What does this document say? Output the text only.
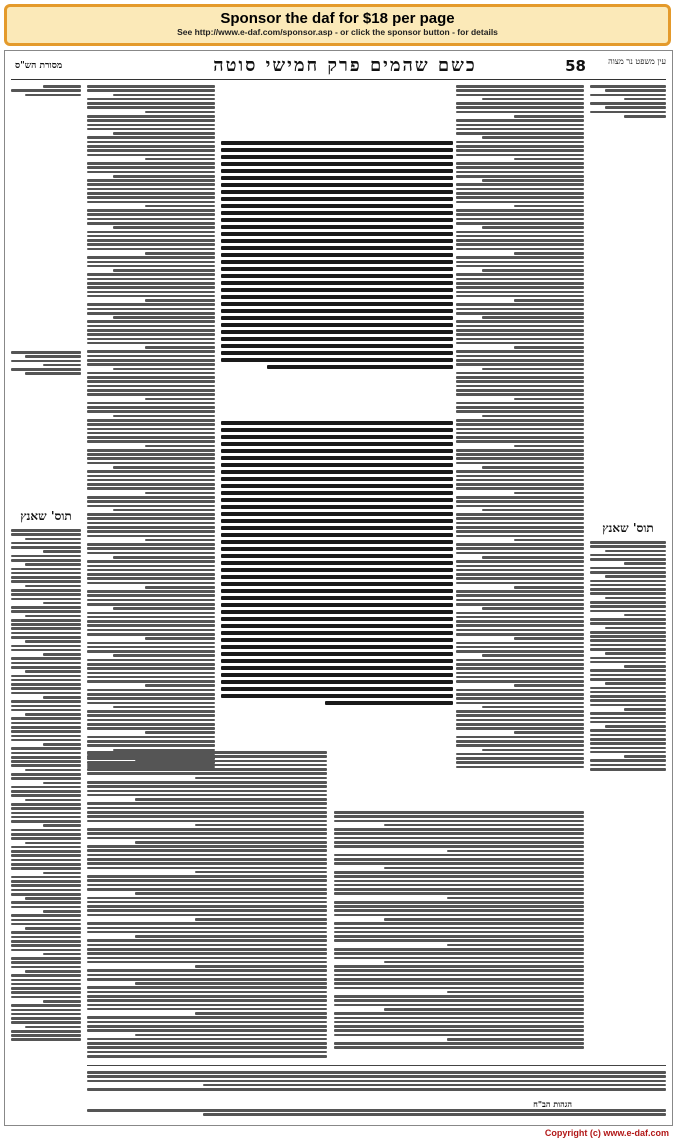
Sponsor the daf for $18 per page
See http://www.e-daf.com/sponsor.asp - or click the sponsor button - for details
מסורת הש"ס	כשם שהמים פרק חמישי סוטה	58	עין משפט נר מצוה
תוס' שאנץ
תוס' שאנץ
הגהות הב"ח
Copyright (c) www.e-daf.com
